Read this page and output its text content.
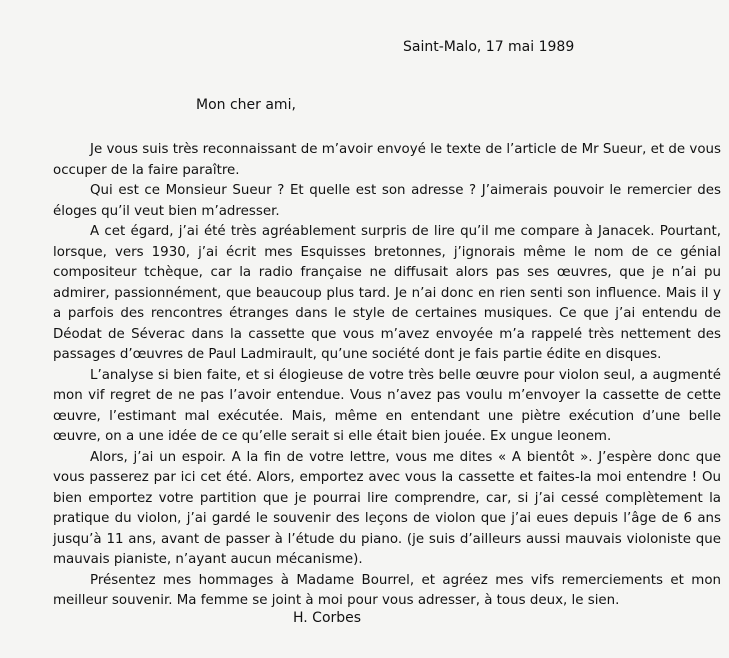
Saint-Malo, 17 mai 1989
Mon cher ami,

Je vous suis très reconnaissant de m’avoir envoyé le texte de l’article de Mr Sueur, et de vous occuper de la faire paraître.

Qui est ce Monsieur Sueur ? Et quelle est son adresse ? J’aimerais pouvoir le remercier des éloges qu’il veut bien m’adresser.

A cet égard, j’ai été très agréablement surpris de lire qu’il me compare à Janacek. Pourtant, lorsque, vers 1930, j’ai écrit mes Esquisses bretonnes, j’ignorais même le nom de ce génial compositeur tchèque, car la radio française ne diffusait alors pas ses œuvres, que je n’ai pu admirer, passionnément, que beaucoup plus tard. Je n’ai donc en rien senti son influence. Mais il y a parfois des rencontres étranges dans le style de certaines musiques. Ce que j’ai entendu de Déodat de Séverac dans la cassette que vous m’avez envoyée m’a rappelé très nettement des passages d’œuvres de Paul Ladmirault, qu’une société dont je fais partie édite en disques.

L’analyse si bien faite, et si élogieuse de votre très belle œuvre pour violon seul, a augmenté mon vif regret de ne pas l’avoir entendue. Vous n’avez pas voulu m’envoyer la cassette de cette œuvre, l’estimant mal exécutée. Mais, même en entendant une piètre exécution d’une belle œuvre, on a une idée de ce qu’elle serait si elle était bien jouée. Ex ungue leonem.

Alors, j’ai un espoir. A la fin de votre lettre, vous me dites « A bientôt ». J’espère donc que vous passerez par ici cet été. Alors, emportez avec vous la cassette et faites-la moi entendre ! Ou bien emportez votre partition que je pourrai lire comprendre, car, si j’ai cessé complètement la pratique du violon, j’ai gardé le souvenir des leçons de violon que j’ai eues depuis l’âge de 6 ans jusqu’à 11 ans, avant de passer à l’étude du piano. (je suis d’ailleurs aussi mauvais violoniste que mauvais pianiste, n’ayant aucun mécanisme).

Présentez mes hommages à Madame Bourrel, et agréez mes vifs remerciements et mon meilleur souvenir. Ma femme se joint à moi pour vous adresser, à tous deux, le sien.

H. Corbes
